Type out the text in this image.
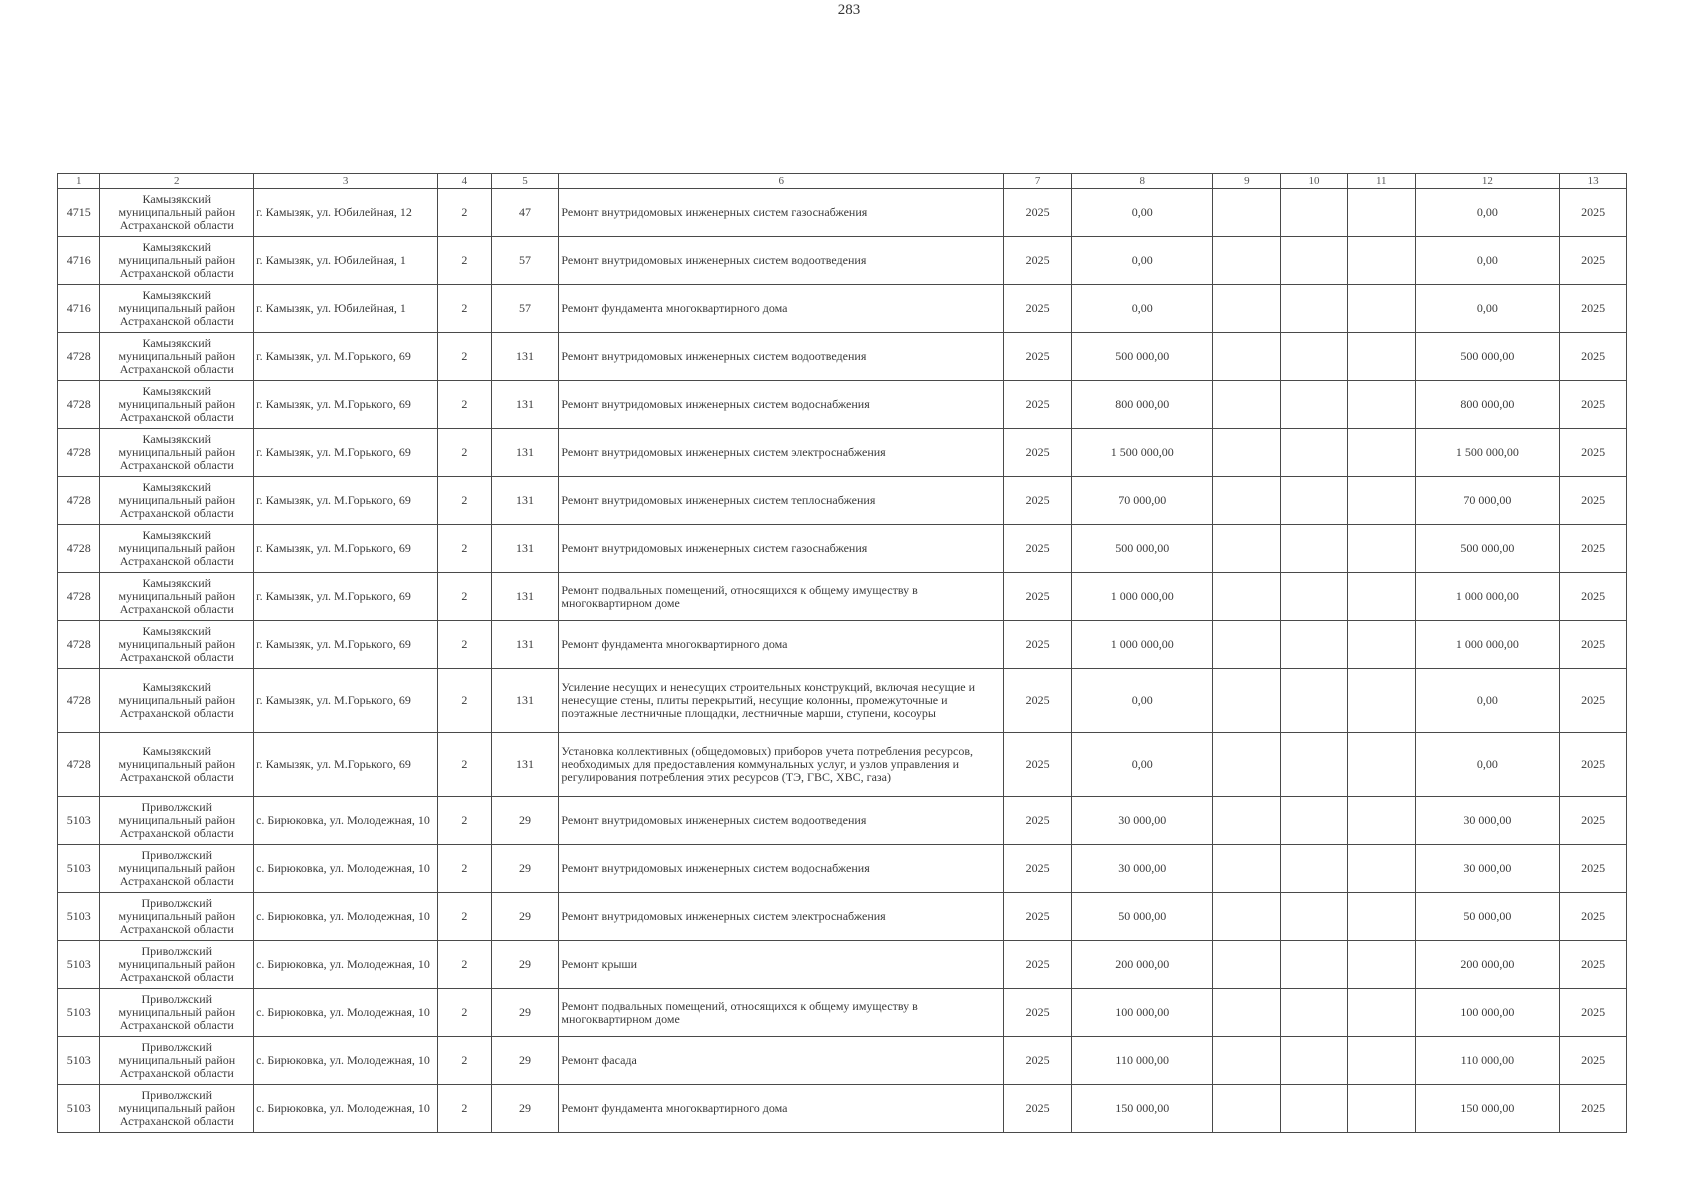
283
1	2	3	4	5	6	7	8	9	10	11	12	13
4715	Камызякский муниципальный район Астраханской области	г. Камызяк, ул. Юбилейная, 12	2	47	Ремонт внутридомовых инженерных систем газоснабжения	2025	0,00				0,00	2025
4716	Камызякский муниципальный район Астраханской области	г. Камызяк, ул. Юбилейная, 1	2	57	Ремонт внутридомовых инженерных систем водоотведения	2025	0,00				0,00	2025
4716	Камызякский муниципальный район Астраханской области	г. Камызяк, ул. Юбилейная, 1	2	57	Ремонт фундамента многоквартирного дома	2025	0,00				0,00	2025
4728	Камызякский муниципальный район Астраханской области	г. Камызяк, ул. М.Горького, 69	2	131	Ремонт внутридомовых инженерных систем водоотведения	2025	500 000,00				500 000,00	2025
4728	Камызякский муниципальный район Астраханской области	г. Камызяк, ул. М.Горького, 69	2	131	Ремонт внутридомовых инженерных систем водоснабжения	2025	800 000,00				800 000,00	2025
4728	Камызякский муниципальный район Астраханской области	г. Камызяк, ул. М.Горького, 69	2	131	Ремонт внутридомовых инженерных систем электроснабжения	2025	1 500 000,00				1 500 000,00	2025
4728	Камызякский муниципальный район Астраханской области	г. Камызяк, ул. М.Горького, 69	2	131	Ремонт внутридомовых инженерных систем теплоснабжения	2025	70 000,00				70 000,00	2025
4728	Камызякский муниципальный район Астраханской области	г. Камызяк, ул. М.Горького, 69	2	131	Ремонт внутридомовых инженерных систем газоснабжения	2025	500 000,00				500 000,00	2025
4728	Камызякский муниципальный район Астраханской области	г. Камызяк, ул. М.Горького, 69	2	131	Ремонт подвальных помещений, относящихся к общему имуществу в многоквартирном доме	2025	1 000 000,00				1 000 000,00	2025
4728	Камызякский муниципальный район Астраханской области	г. Камызяк, ул. М.Горького, 69	2	131	Ремонт фундамента многоквартирного дома	2025	1 000 000,00				1 000 000,00	2025
4728	Камызякский муниципальный район Астраханской области	г. Камызяк, ул. М.Горького, 69	2	131	Усиление несущих и ненесущих строительных конструкций, включая несущие и ненесущие стены, плиты перекрытий, несущие колонны, промежуточные и поэтажные лестничные площадки, лестничные марши, ступени, косоуры	2025	0,00				0,00	2025
4728	Камызякский муниципальный район Астраханской области	г. Камызяк, ул. М.Горького, 69	2	131	Установка коллективных (общедомовых) приборов учета потребления ресурсов, необходимых для предоставления коммунальных услуг, и узлов управления и регулирования потребления этих ресурсов (ТЭ, ГВС, ХВС, газа)	2025	0,00				0,00	2025
5103	Приволжский муниципальный район Астраханской области	с. Бирюковка, ул. Молодежная, 10	2	29	Ремонт внутридомовых инженерных систем водоотведения	2025	30 000,00				30 000,00	2025
5103	Приволжский муниципальный район Астраханской области	с. Бирюковка, ул. Молодежная, 10	2	29	Ремонт внутридомовых инженерных систем водоснабжения	2025	30 000,00				30 000,00	2025
5103	Приволжский муниципальный район Астраханской области	с. Бирюковка, ул. Молодежная, 10	2	29	Ремонт внутридомовых инженерных систем электроснабжения	2025	50 000,00				50 000,00	2025
5103	Приволжский муниципальный район Астраханской области	с. Бирюковка, ул. Молодежная, 10	2	29	Ремонт крыши	2025	200 000,00				200 000,00	2025
5103	Приволжский муниципальный район Астраханской области	с. Бирюковка, ул. Молодежная, 10	2	29	Ремонт подвальных помещений, относящихся к общему имуществу в многоквартирном доме	2025	100 000,00				100 000,00	2025
5103	Приволжский муниципальный район Астраханской области	с. Бирюковка, ул. Молодежная, 10	2	29	Ремонт фасада	2025	110 000,00				110 000,00	2025
5103	Приволжский муниципальный район Астраханской области	с. Бирюковка, ул. Молодежная, 10	2	29	Ремонт фундамента многоквартирного дома	2025	150 000,00				150 000,00	2025
